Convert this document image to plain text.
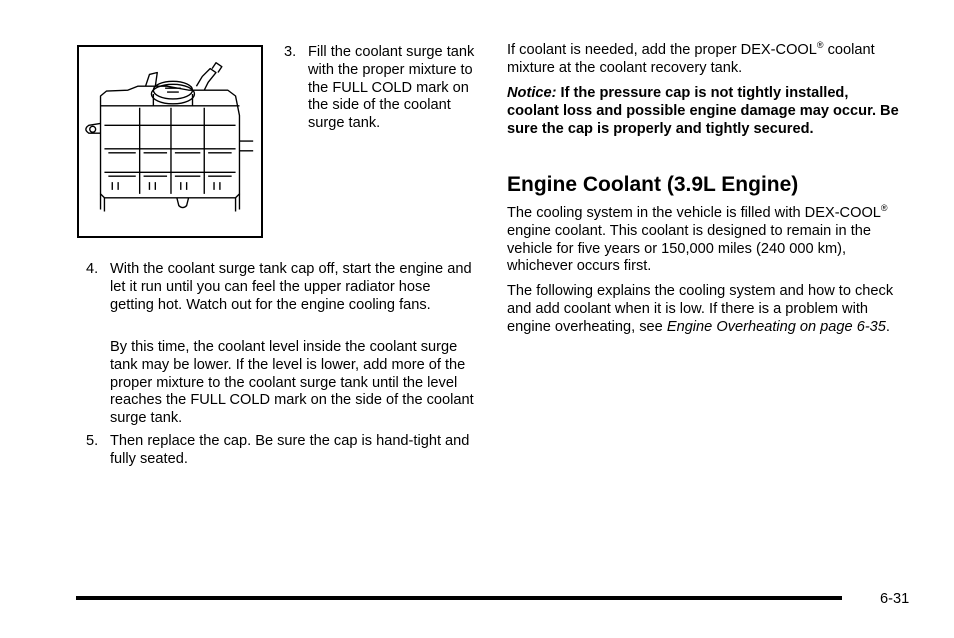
3. Fill the coolant surge tank with the proper mixture to the FULL COLD mark on the side of the coolant surge tank.
4. With the coolant surge tank cap off, start the engine and let it run until you can feel the upper radiator hose getting hot. Watch out for the engine cooling fans.

By this time, the coolant level inside the coolant surge tank may be lower. If the level is lower, add more of the proper mixture to the coolant surge tank until the level reaches the FULL COLD mark on the side of the coolant surge tank.

5. Then replace the cap. Be sure the cap is hand-tight and fully seated.

If coolant is needed, add the proper DEX-COOL® coolant mixture at the coolant recovery tank.

Notice: If the pressure cap is not tightly installed, coolant loss and possible engine damage may occur. Be sure the cap is properly and tightly secured.

Engine Coolant (3.9L Engine)

The cooling system in the vehicle is filled with DEX-COOL® engine coolant. This coolant is designed to remain in the vehicle for five years or 150,000 miles (240 000 km), whichever occurs first.

The following explains the cooling system and how to check and add coolant when it is low. If there is a problem with engine overheating, see Engine Overheating on page 6-35.

6-31
